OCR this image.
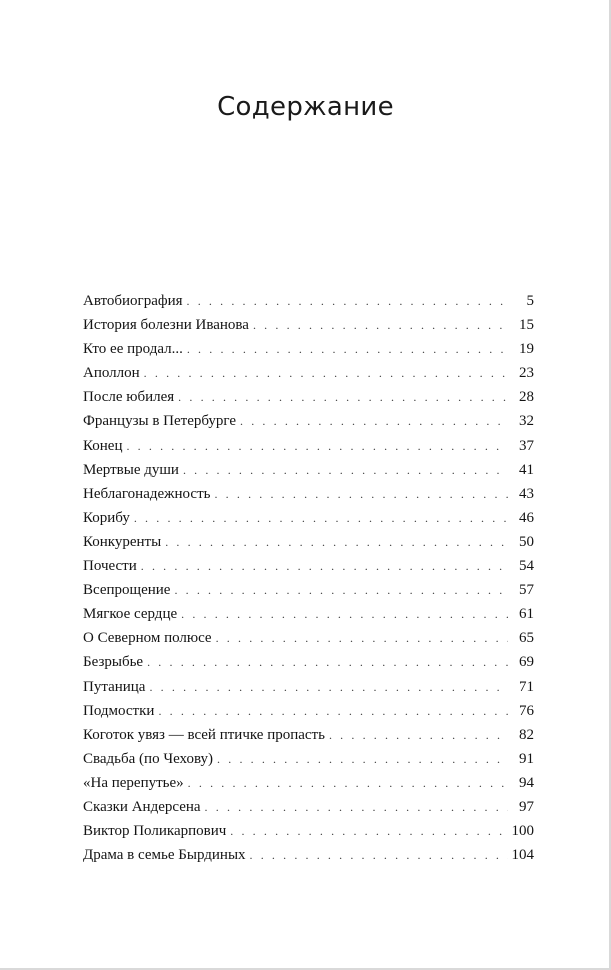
Содержание
Автобиография . . .	5
История болезни Иванова . . .	15
Кто ее продал... . . .	19
Аполлон . . .	23
После юбилея . . .	28
Французы в Петербурге . . .	32
Конец . . .	37
Мертвые души . . .	41
Неблагонадежность . . .	43
Корибу . . .	46
Конкуренты . . .	50
Почести . . .	54
Всепрощение . . .	57
Мягкое сердце . . .	61
О Северном полюсе . . .	65
Безрыбье . . .	69
Путаница . . .	71
Подмостки . . .	76
Коготок увяз — всей птичке пропасть . . .	82
Свадьба (по Чехову) . . .	91
«На перепутье» . . .	94
Сказки Андерсена . . .	97
Виктор Поликарпович . . .	100
Драма в семье Бырдиных . . .	104
